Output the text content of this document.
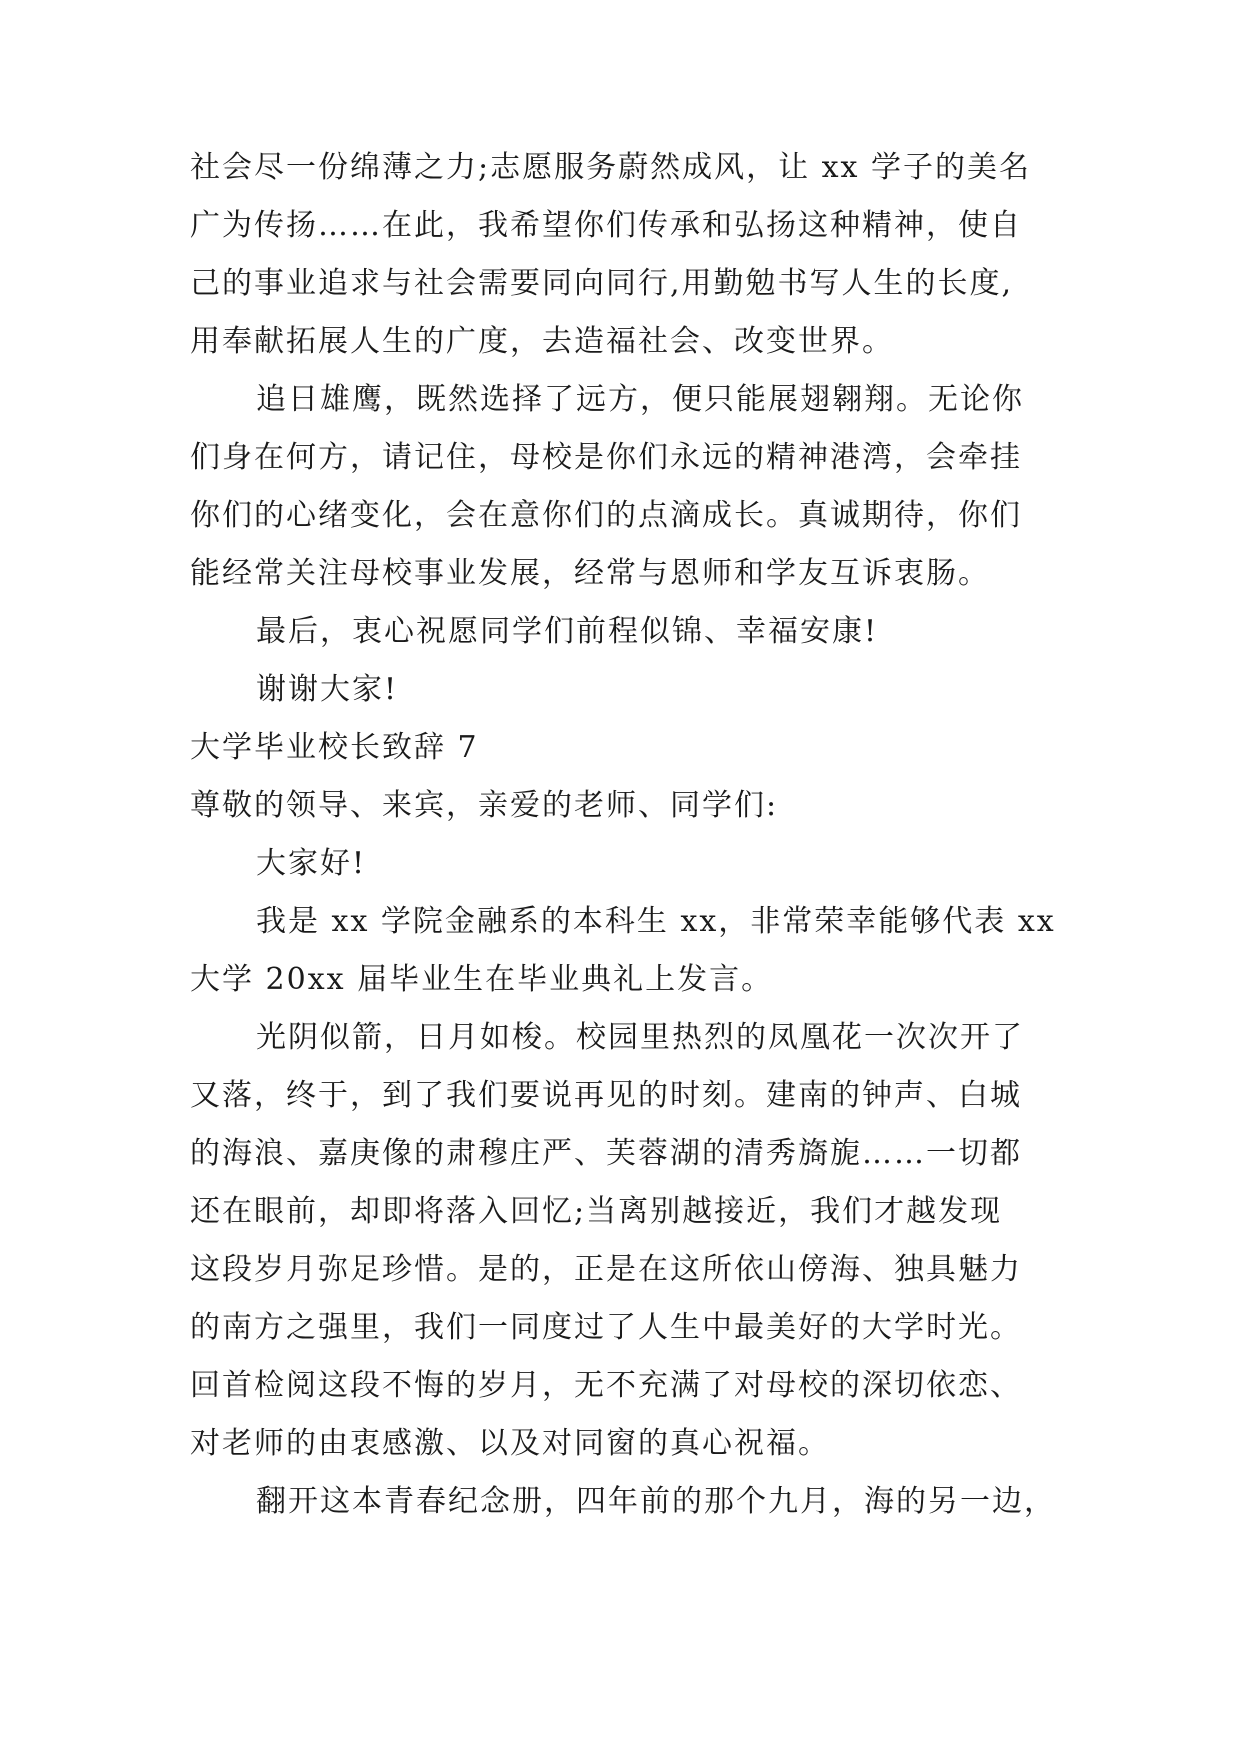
社会尽一份绵薄之力;志愿服务蔚然成风，让 xx 学子的美名
广为传扬……在此，我希望你们传承和弘扬这种精神，使自
己的事业追求与社会需要同向同行,用勤勉书写人生的长度,
用奉献拓展人生的广度，去造福社会、改变世界。
追日雄鹰，既然选择了远方，便只能展翅翱翔。无论你
们身在何方，请记住，母校是你们永远的精神港湾，会牵挂
你们的心绪变化，会在意你们的点滴成长。真诚期待，你们
能经常关注母校事业发展，经常与恩师和学友互诉衷肠。
最后，衷心祝愿同学们前程似锦、幸福安康!
谢谢大家!
大学毕业校长致辞 7
尊敬的领导、来宾，亲爱的老师、同学们:
大家好!
我是 xx 学院金融系的本科生 xx，非常荣幸能够代表 xx
大学 20xx 届毕业生在毕业典礼上发言。
光阴似箭，日月如梭。校园里热烈的凤凰花一次次开了
又落，终于，到了我们要说再见的时刻。建南的钟声、白城
的海浪、嘉庚像的肃穆庄严、芙蓉湖的清秀旖旎……一切都
还在眼前，却即将落入回忆;当离别越接近，我们才越发现
这段岁月弥足珍惜。是的，正是在这所依山傍海、独具魅力
的南方之强里，我们一同度过了人生中最美好的大学时光。
回首检阅这段不悔的岁月，无不充满了对母校的深切依恋、
对老师的由衷感激、以及对同窗的真心祝福。
翻开这本青春纪念册，四年前的那个九月，海的另一边，
